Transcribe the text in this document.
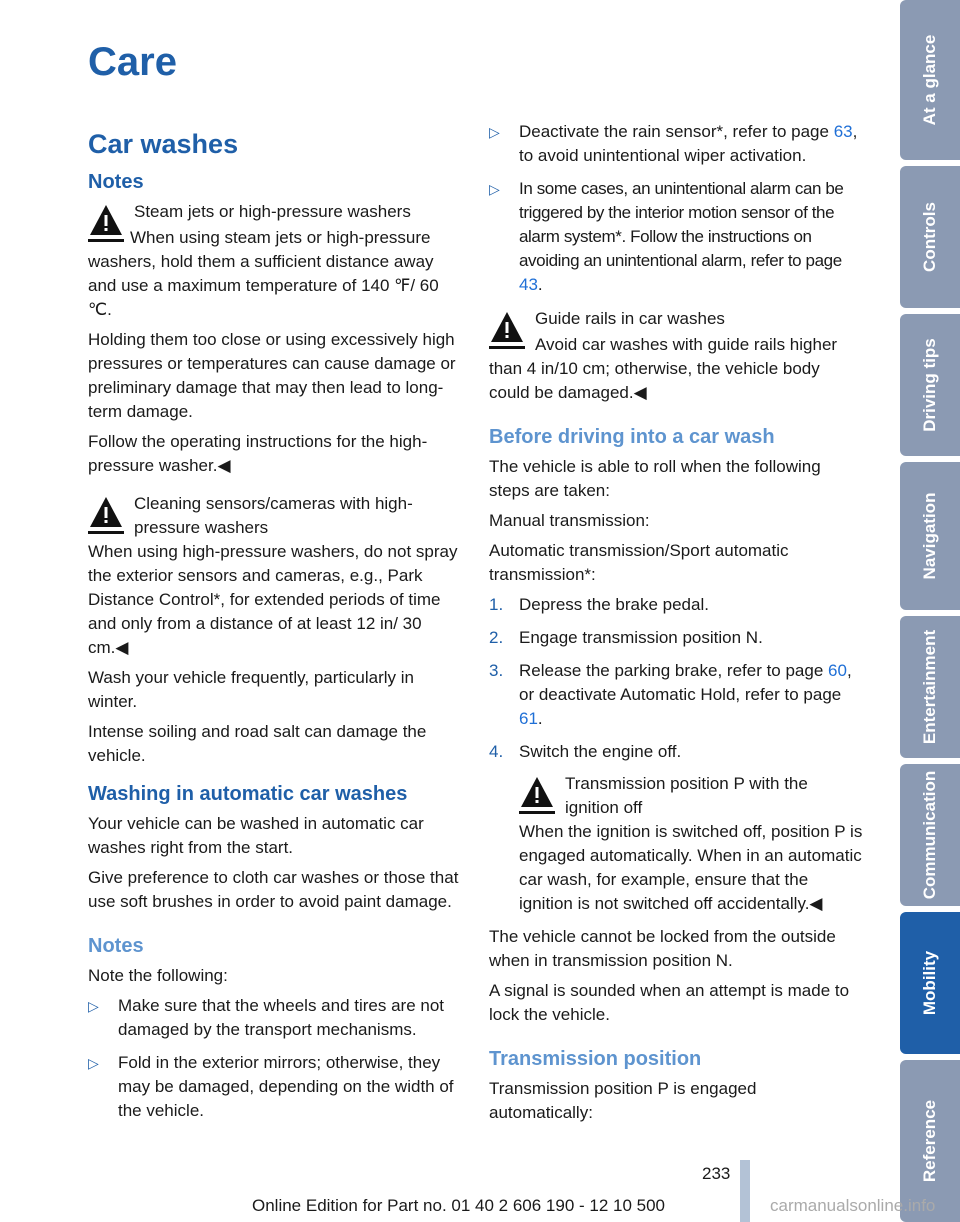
Care
Car washes
Notes
Steam jets or high-pressure washers

When using steam jets or high-pressure washers, hold them a sufficient distance away and use a maximum temperature of 140 ℉/ 60 ℃.

Holding them too close or using excessively high pressures or temperatures can cause damage or preliminary damage that may then lead to long-term damage.

Follow the operating instructions for the high-pressure washer.◀

Cleaning sensors/cameras with high-pressure washers

When using high-pressure washers, do not spray the exterior sensors and cameras, e.g., Park Distance Control*, for extended periods of time and only from a distance of at least 12 in/ 30 cm.◀

Wash your vehicle frequently, particularly in winter.

Intense soiling and road salt can damage the vehicle.

Washing in automatic car washes

Your vehicle can be washed in automatic car washes right from the start.

Give preference to cloth car washes or those that use soft brushes in order to avoid paint damage.

Notes

Note the following:

▷ Make sure that the wheels and tires are not damaged by the transport mechanisms.
▷ Fold in the exterior mirrors; otherwise, they may be damaged, depending on the width of the vehicle.
▷ Deactivate the rain sensor*, refer to page 63, to avoid unintentional wiper activation.
▷ In some cases, an unintentional alarm can be triggered by the interior motion sensor of the alarm system*. Follow the instructions on avoiding an unintentional alarm, refer to page 43.
Guide rails in car washes

Avoid car washes with guide rails higher than 4 in/10 cm; otherwise, the vehicle body could be damaged.◀

Before driving into a car wash

The vehicle is able to roll when the following steps are taken:

Manual transmission:

Automatic transmission/Sport automatic transmission*:

1. Depress the brake pedal.
2. Engage transmission position N.
3. Release the parking brake, refer to page 60, or deactivate Automatic Hold, refer to page 61.
4. Switch the engine off.
Transmission position P with the ignition off

When the ignition is switched off, position P is engaged automatically. When in an automatic car wash, for example, ensure that the ignition is not switched off accidentally.◀

The vehicle cannot be locked from the outside when in transmission position N.

A signal is sounded when an attempt is made to lock the vehicle.

Transmission position

Transmission position P is engaged automatically:

At a glance
Controls
Driving tips
Navigation
Entertainment
Communication
Mobility
Reference
233
Online Edition for Part no. 01 40 2 606 190 - 12 10 500	carmanualsonline.info
